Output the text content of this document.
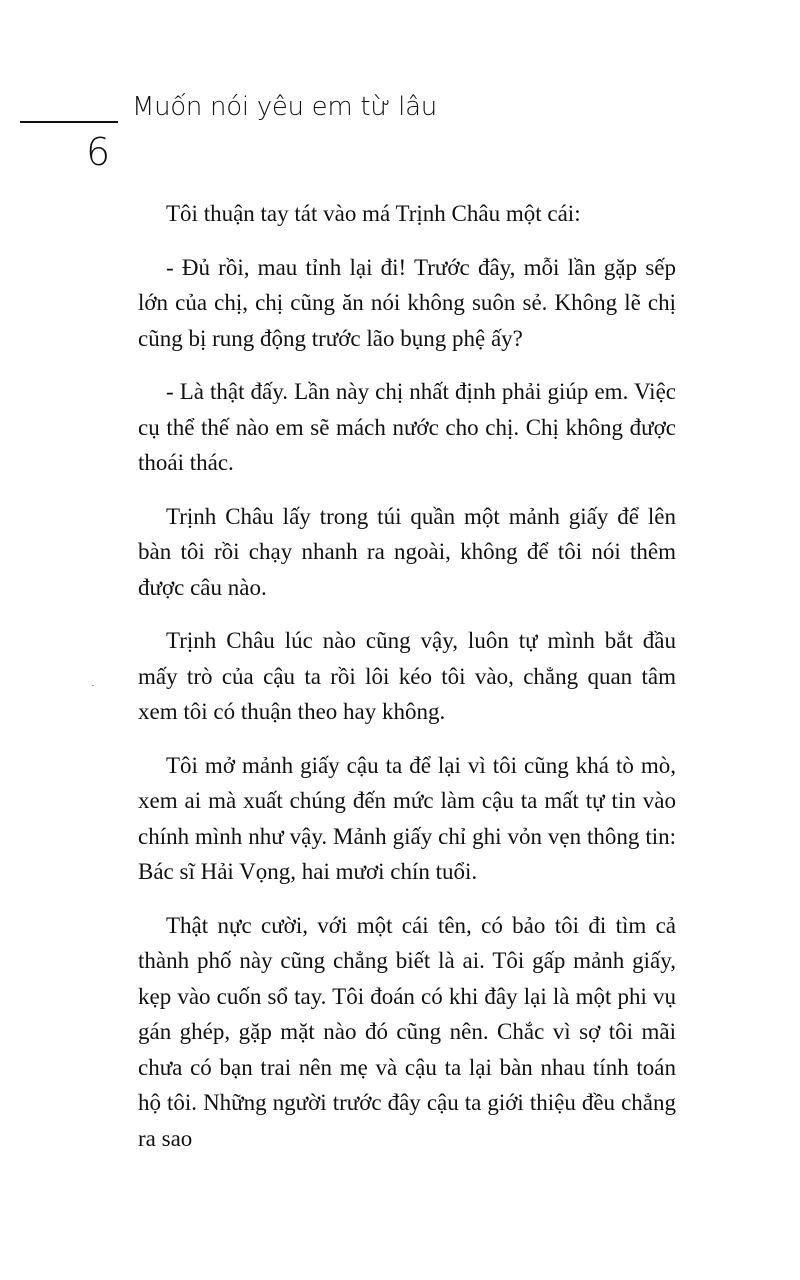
Muốn nói yêu em từ lâu
6

Tôi thuận tay tát vào má Trịnh Châu một cái:

- Đủ rồi, mau tỉnh lại đi! Trước đây, mỗi lần gặp sếp lớn của chị, chị cũng ăn nói không suôn sẻ. Không lẽ chị cũng bị rung động trước lão bụng phệ ấy?

- Là thật đấy. Lần này chị nhất định phải giúp em. Việc cụ thể thế nào em sẽ mách nước cho chị. Chị không được thoái thác.

Trịnh Châu lấy trong túi quần một mảnh giấy để lên bàn tôi rồi chạy nhanh ra ngoài, không để tôi nói thêm được câu nào.

Trịnh Châu lúc nào cũng vậy, luôn tự mình bắt đầu mấy trò của cậu ta rồi lôi kéo tôi vào, chẳng quan tâm xem tôi có thuận theo hay không.

Tôi mở mảnh giấy cậu ta để lại vì tôi cũng khá tò mò, xem ai mà xuất chúng đến mức làm cậu ta mất tự tin vào chính mình như vậy. Mảnh giấy chỉ ghi vỏn vẹn thông tin: Bác sĩ Hải Vọng, hai mươi chín tuổi.

Thật nực cười, với một cái tên, có bảo tôi đi tìm cả thành phố này cũng chẳng biết là ai. Tôi gấp mảnh giấy, kẹp vào cuốn sổ tay. Tôi đoán có khi đây lại là một phi vụ gán ghép, gặp mặt nào đó cũng nên. Chắc vì sợ tôi mãi chưa có bạn trai nên mẹ và cậu ta lại bàn nhau tính toán hộ tôi. Những người trước đây cậu ta giới thiệu đều chẳng ra sao
